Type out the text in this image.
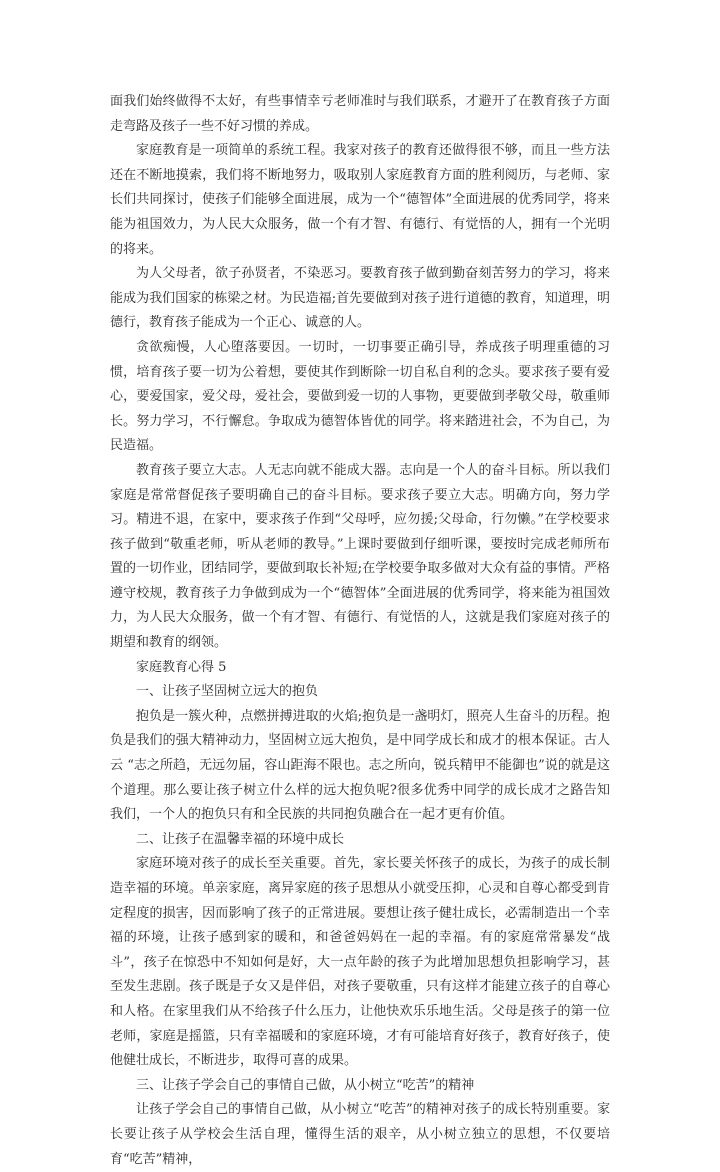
面我们始终做得不太好，有些事情幸亏老师准时与我们联系，才避开了在教育孩子方面走弯路及孩子一些不好习惯的养成。

家庭教育是一项简单的系统工程。我家对孩子的教育还做得很不够，而且一些方法还在不断地摸索，我们将不断地努力，吸取别人家庭教育方面的胜利阅历，与老师、家长们共同探讨，使孩子们能够全面进展，成为一个“德智体”全面进展的优秀同学，将来能为祖国效力，为人民大众服务，做一个有才智、有德行、有觉悟的人，拥有一个光明的将来。

为人父母者，欲子孙贤者，不染恶习。要教育孩子做到勤奋刻苦努力的学习，将来能成为我们国家的栋梁之材。为民造福;首先要做到对孩子进行道德的教育，知道理，明德行，教育孩子能成为一个正心、诚意的人。

贪欲痴慢，人心堕落要因。一切时，一切事要正确引导，养成孩子明理重德的习惯，培育孩子要一切为公着想，要使其作到断除一切自私自利的念头。要求孩子要有爱心，要爱国家，爱父母，爱社会，要做到爱一切的人事物，更要做到孝敬父母，敬重师长。努力学习，不行懈怠。争取成为德智体皆优的同学。将来踏进社会，不为自己，为民造福。

教育孩子要立大志。人无志向就不能成大器。志向是一个人的奋斗目标。所以我们家庭是常常督促孩子要明确自己的奋斗目标。要求孩子要立大志。明确方向，努力学习。精进不退，在家中，要求孩子作到“父母呼，应勿援;父母命，行勿懒。”在学校要求孩子做到“敬重老师，听从老师的教导。”上课时要做到仔细听课，要按时完成老师所布置的一切作业，团结同学，要做到取长补短;在学校要争取多做对大众有益的事情。严格遵守校规，教育孩子力争做到成为一个“德智体”全面进展的优秀同学，将来能为祖国效力，为人民大众服务，做一个有才智、有德行、有觉悟的人，这就是我们家庭对孩子的期望和教育的纲领。

家庭教育心得 5

一、让孩子坚固树立远大的抱负

抱负是一簇火种，点燃拼搏进取的火焰;抱负是一盏明灯，照亮人生奋斗的历程。抱负是我们的强大精神动力，坚固树立远大抱负，是中同学成长和成才的根本保证。古人云 “志之所趋，无远勿届，容山距海不限也。志之所向，锐兵精甲不能御也”说的就是这个道理。那么要让孩子树立什么样的远大抱负呢?很多优秀中同学的成长成才之路告知我们，一个人的抱负只有和全民族的共同抱负融合在一起才更有价值。

二、让孩子在温馨幸福的环境中成长

家庭环境对孩子的成长至关重要。首先，家长要关怀孩子的成长，为孩子的成长制造幸福的环境。单亲家庭，离异家庭的孩子思想从小就受压抑，心灵和自尊心都受到肯定程度的损害，因而影响了孩子的正常进展。要想让孩子健壮成长，必需制造出一个幸福的环境，让孩子感到家的暖和，和爸爸妈妈在一起的幸福。有的家庭常常暴发“战斗”，孩子在惊恐中不知如何是好，大一点年龄的孩子为此增加思想负担影响学习，甚至发生悲剧。孩子既是子女又是伴侣，对孩子要敬重，只有这样才能建立孩子的自尊心和人格。在家里我们从不给孩子什么压力，让他快欢乐乐地生活。父母是孩子的第一位老师，家庭是摇篮，只有幸福暖和的家庭环境，才有可能培育好孩子，教育好孩子，使他健壮成长，不断进步，取得可喜的成果。

三、让孩子学会自己的事情自己做，从小树立“吃苦”的精神

让孩子学会自己的事情自己做，从小树立“吃苦”的精神对孩子的成长特别重要。家长要让孩子从学校会生活自理，懂得生活的艰辛，从小树立独立的思想，不仅要培育“吃苦”精神，
